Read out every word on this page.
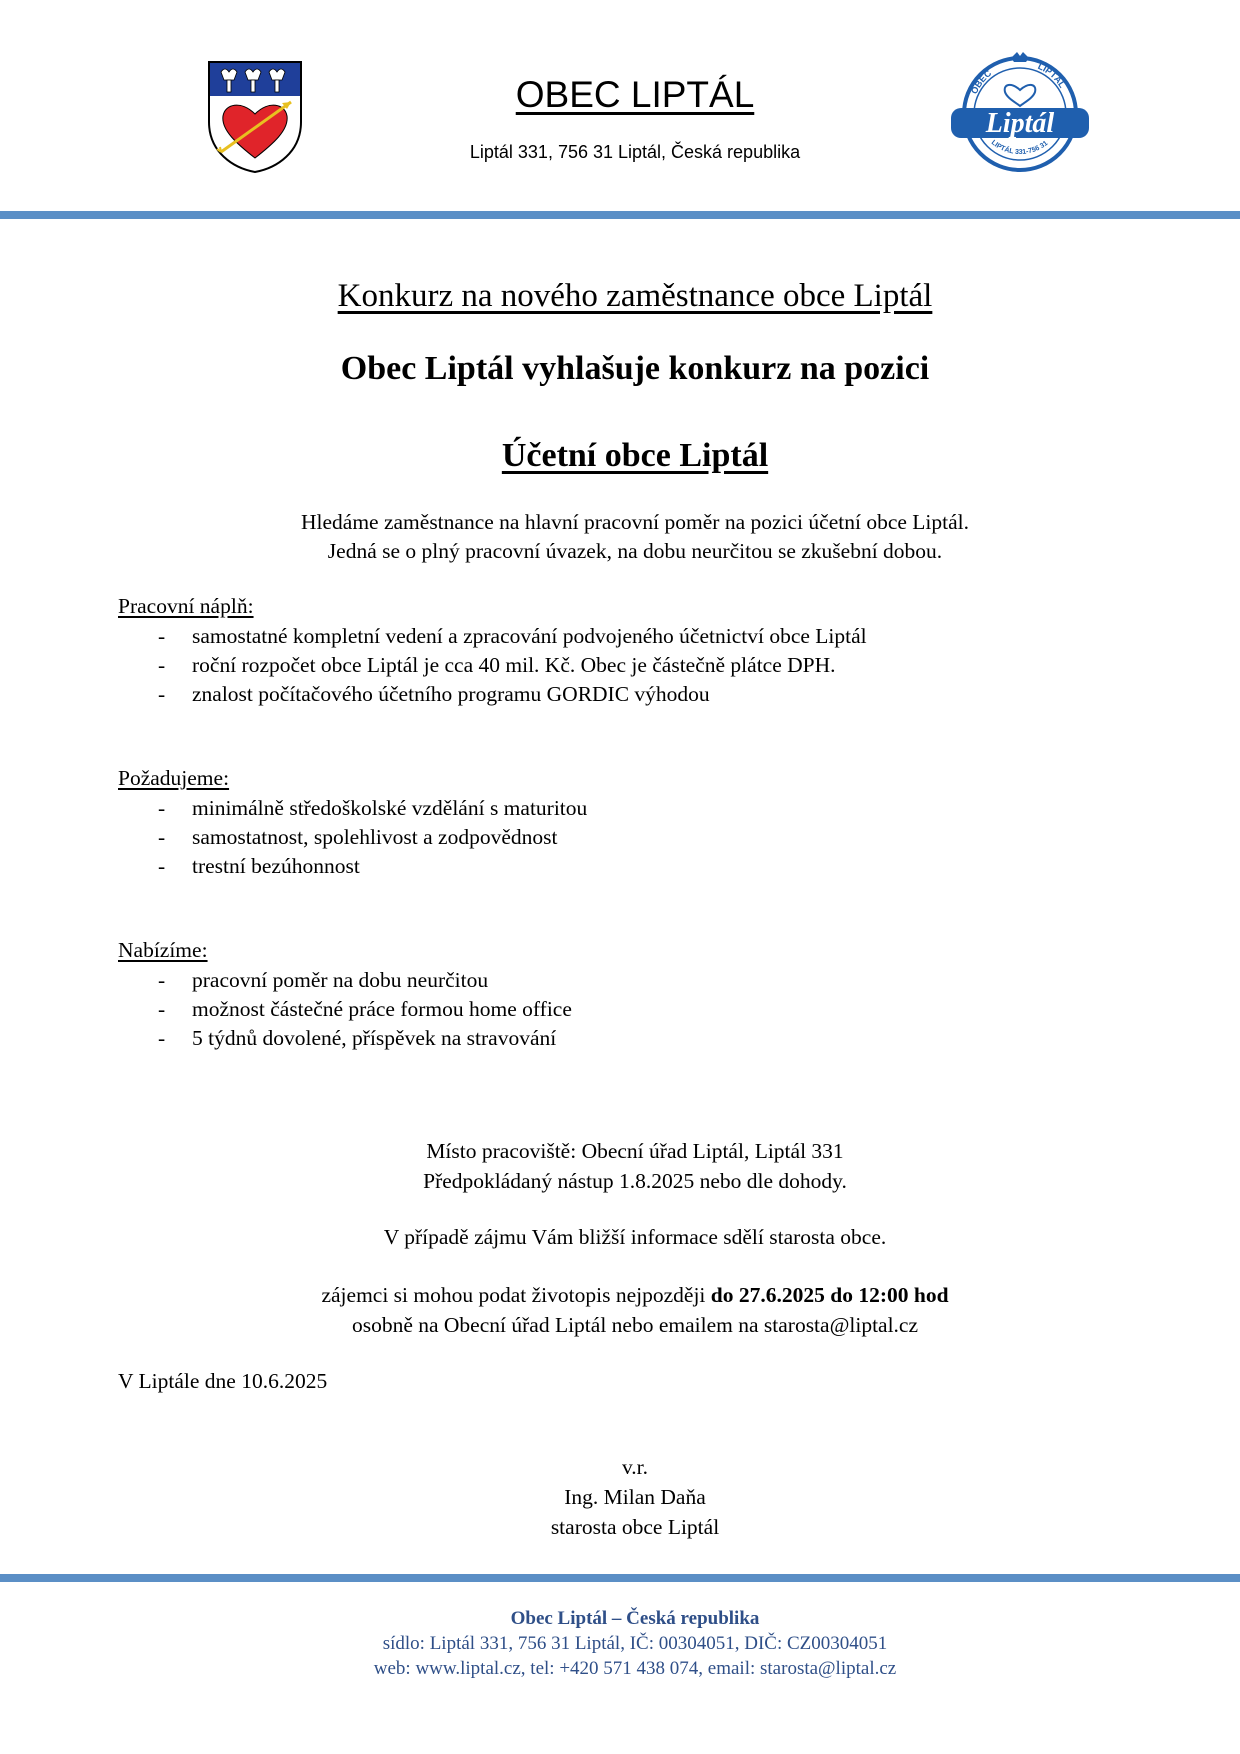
OBEC LIPTÁL
Liptál 331, 756 31 Liptál, Česká republika
OBEC
LIPTÁL
Liptál
LIPTÁL 331-756 31
Konkurz na nového zaměstnance obce Liptál
Obec Liptál vyhlašuje konkurz na pozici
Účetní obce Liptál
Hledáme zaměstnance na hlavní pracovní poměr na pozici účetní obce Liptál.
Jedná se o plný pracovní úvazek, na dobu neurčitou se zkušební dobou.
Pracovní náplň:
- samostatné kompletní vedení a zpracování podvojeného účetnictví obce Liptál
- roční rozpočet obce Liptál je cca 40 mil. Kč. Obec je částečně plátce DPH.
- znalost počítačového účetního programu GORDIC výhodou
Požadujeme:
- minimálně středoškolské vzdělání s maturitou
- samostatnost, spolehlivost a zodpovědnost
- trestní bezúhonnost
Nabízíme:
- pracovní poměr na dobu neurčitou
- možnost částečné práce formou home office
- 5 týdnů dovolené, příspěvek na stravování
Místo pracoviště: Obecní úřad Liptál, Liptál 331
Předpokládaný nástup 1.8.2025 nebo dle dohody.
V případě zájmu Vám bližší informace sdělí starosta obce.
zájemci si mohou podat životopis nejpozději do 27.6.2025 do 12:00 hod
osobně na Obecní úřad Liptál nebo emailem na starosta@liptal.cz
V Liptále dne 10.6.2025
v.r.
Ing. Milan Daňa
starosta obce Liptál
Obec Liptál – Česká republika
sídlo: Liptál 331, 756 31 Liptál, IČ: 00304051, DIČ: CZ00304051
web: www.liptal.cz, tel: +420 571 438 074, email: starosta@liptal.cz
